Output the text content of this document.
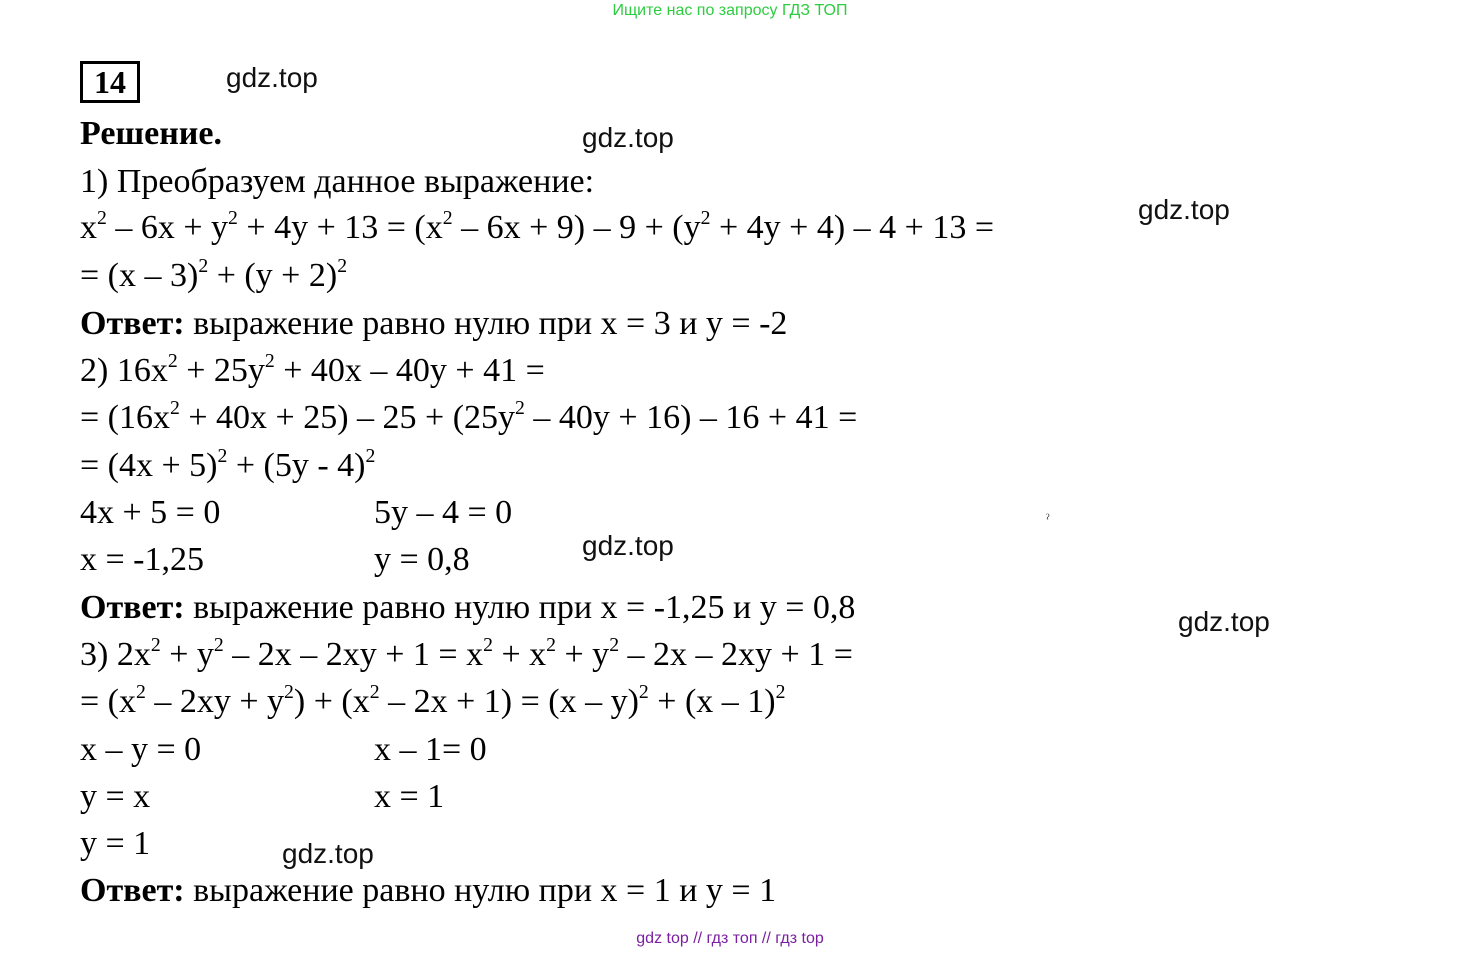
Ищите нас по запросу ГДЗ ТОП
14	gdz.top
gdz.top
gdz.top
gdz.top
gdz.top
gdz.top
Решение.
1) Преобразуем данное выражение:
$x^2 - 6x + y^2 + 4y + 13 = (x^2 - 6x + 9) - 9 + (y^2 + 4y + 4) - 4 + 13$ =
= $(x - 3)^2 + (y + 2)^2$
Ответ: выражение равно нулю при x = 3 и y = -2
2) $16x^2 + 25y^2 + 40x - 40y + 41$ =
= $(16x^2 + 40x + 25) - 25 + (25y^2 - 40y + 16) - 16 + 41$ =
= $(4x + 5)^2 + (5y - 4)^2$
4x + 5 = 0	5y – 4 = 0	ˀ
x = -1,25	y = 0,8
Ответ: выражение равно нулю при x = -1,25 и y = 0,8
3) $2x^2 + y^2 - 2x - 2xy + 1 = x^2 + x^2 + y^2 - 2x - 2xy + 1$ =
= $(x^2 - 2xy + y^2) + (x^2 - 2x + 1) = (x - y)^2 + (x - 1)^2$
x – y = 0	x – 1= 0
y = x	x = 1
y = 1
Ответ: выражение равно нулю при x = 1 и y = 1
gdz top // гдз топ // гдз top
